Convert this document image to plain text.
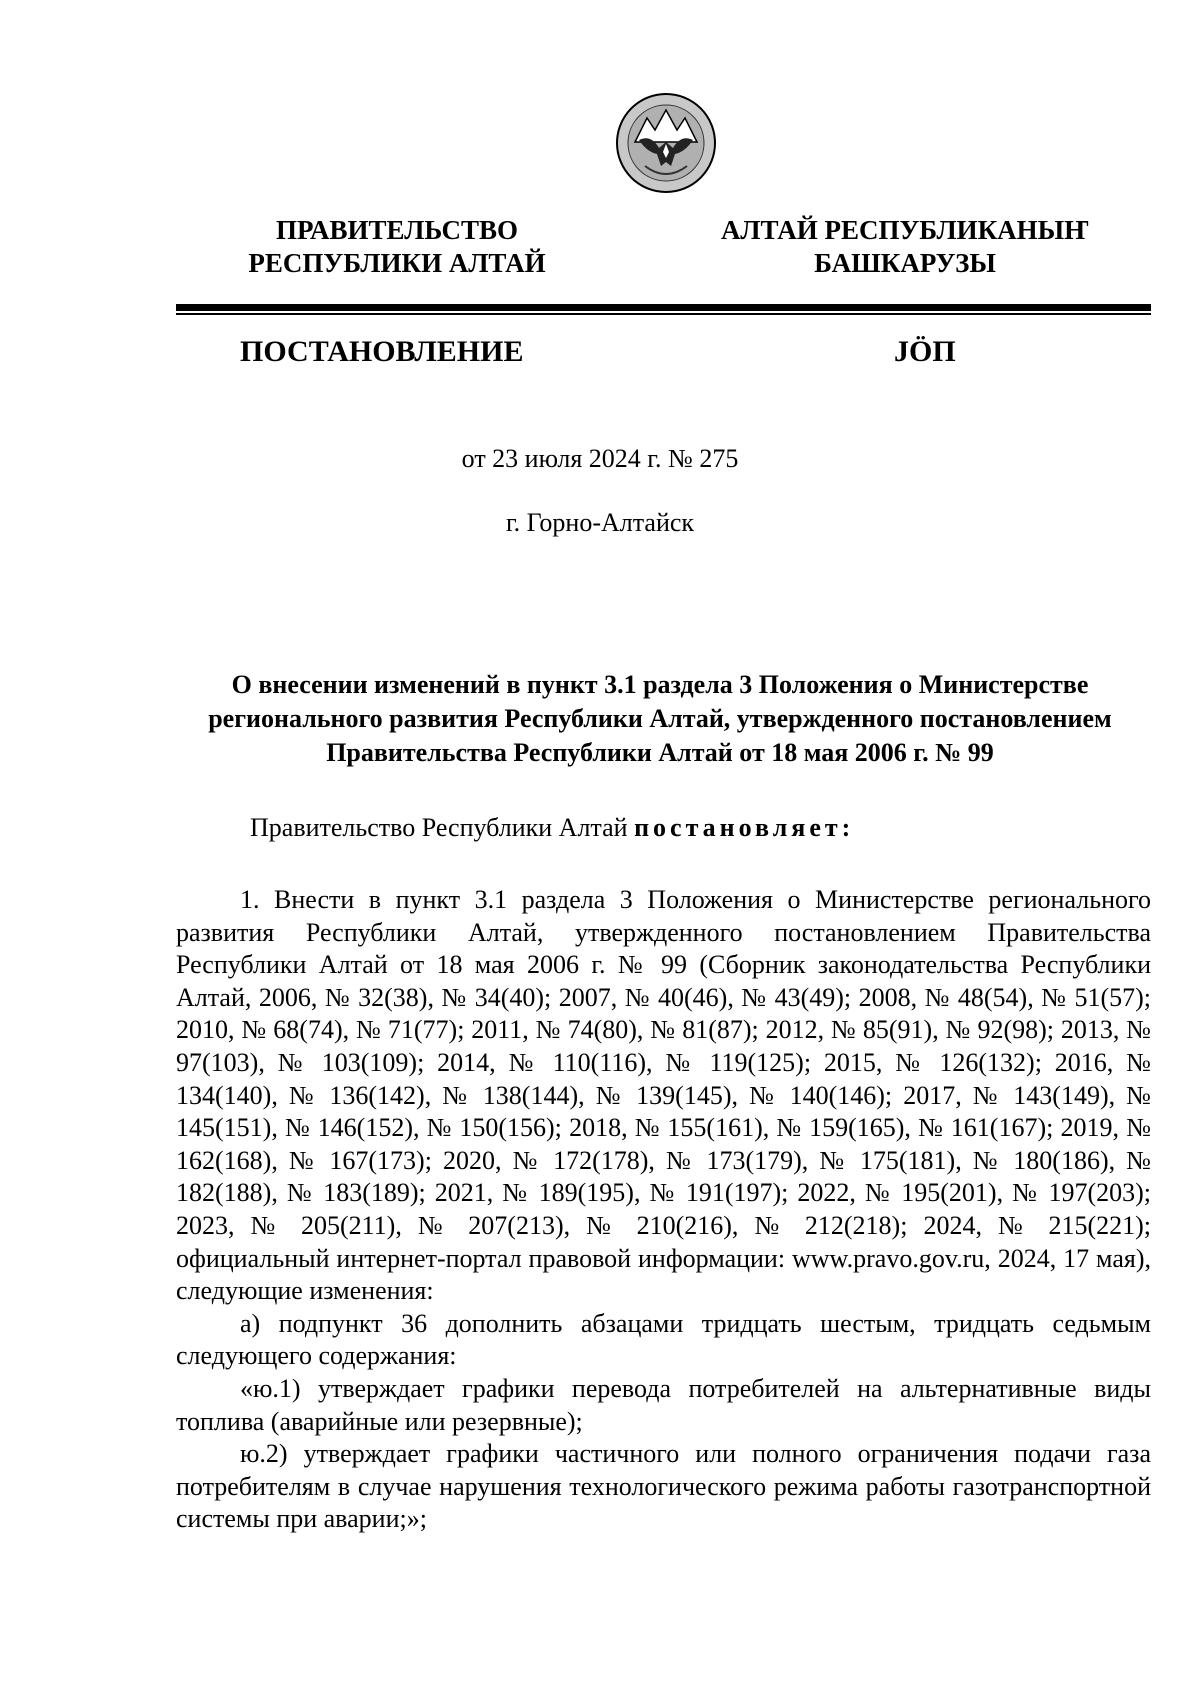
ПРАВИТЕЛЬСТВО
РЕСПУБЛИКИ АЛТАЙ
АЛТАЙ РЕСПУБЛИКАНЫҤ
БАШКАРУЗЫ
ПОСТАНОВЛЕНИЕ	JӦП
от 23 июля 2024 г. № 275
г. Горно-Алтайск
О внесении изменений в пункт 3.1 раздела 3 Положения о Министерстве регионального развития Республики Алтай, утвержденного постановлением Правительства Республики Алтай от 18 мая 2006 г. № 99
Правительство Республики Алтай постановляет:

1. Внести в пункт 3.1 раздела 3 Положения о Министерстве регионального развития Республики Алтай, утвержденного постановлением Правительства Республики Алтай от 18 мая 2006 г. № 99 (Сборник законодательства Республики Алтай, 2006, № 32(38), № 34(40); 2007, № 40(46), № 43(49); 2008, № 48(54), № 51(57); 2010, № 68(74), № 71(77); 2011, № 74(80), № 81(87); 2012, № 85(91), № 92(98); 2013, № 97(103), № 103(109); 2014, № 110(116), № 119(125); 2015, № 126(132); 2016, № 134(140), № 136(142), № 138(144), № 139(145), № 140(146); 2017, № 143(149), № 145(151), № 146(152), № 150(156); 2018, № 155(161), № 159(165), № 161(167); 2019, № 162(168), № 167(173); 2020, № 172(178), № 173(179), № 175(181), № 180(186), № 182(188), № 183(189); 2021, № 189(195), № 191(197); 2022, № 195(201), № 197(203); 2023, № 205(211), № 207(213), № 210(216), № 212(218); 2024, № 215(221); официальный интернет-портал правовой информации: www.pravo.gov.ru, 2024, 17 мая), следующие изменения:

а) подпункт 36 дополнить абзацами тридцать шестым, тридцать седьмым следующего содержания:

«ю.1) утверждает графики перевода потребителей на альтернативные виды топлива (аварийные или резервные);

ю.2) утверждает графики частичного или полного ограничения подачи газа потребителям в случае нарушения технологического режима работы газотранспортной системы при аварии;»;
